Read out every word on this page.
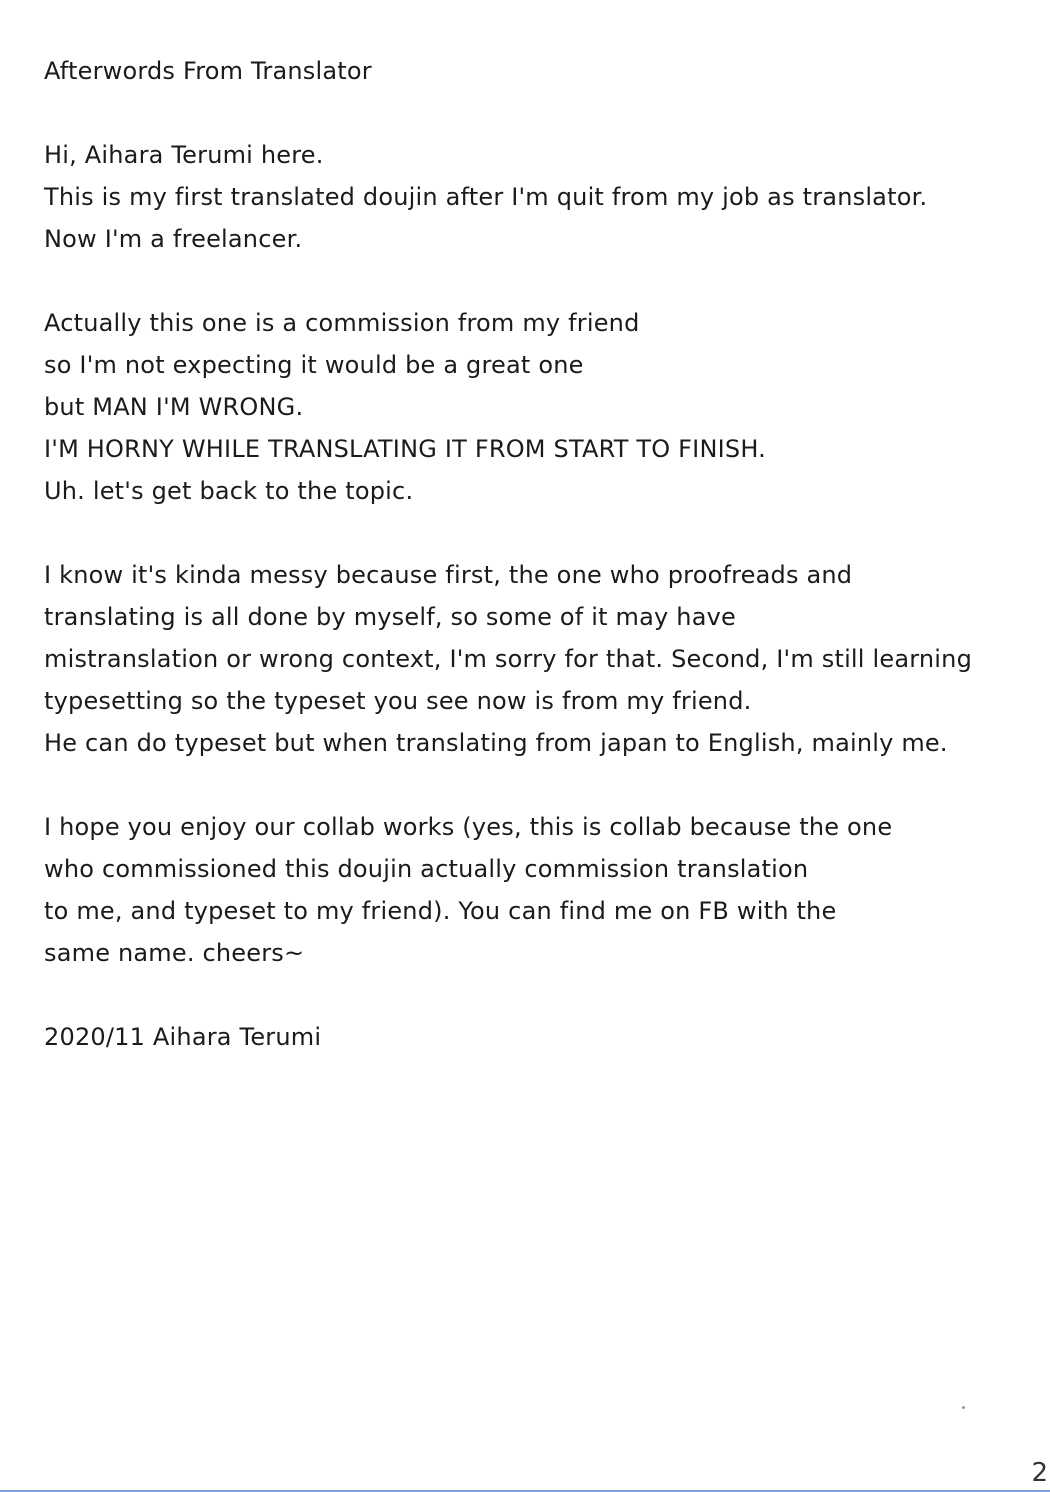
Afterwords From Translator
Hi, Aihara Terumi here.
This is my first translated doujin after I'm quit from my job as translator.
Now I'm a freelancer.
Actually this one is a commission from my friend
so I'm not expecting it would be a great one
but MAN I'M WRONG.
I'M HORNY WHILE TRANSLATING IT FROM START TO FINISH.
Uh. let's get back to the topic.
I know it's kinda messy because first, the one who proofreads and
translating is all done by myself, so some of it may have
mistranslation or wrong context, I'm sorry for that. Second, I'm still learning
typesetting so the typeset you see now is from my friend.
He can do typeset but when translating from japan to English, mainly me.
I hope you enjoy our collab works (yes, this is collab because the one
who commissioned this doujin actually commission translation
to me, and typeset to my friend). You can find me on FB with the
same name. cheers~
2020/11 Aihara Terumi
2
